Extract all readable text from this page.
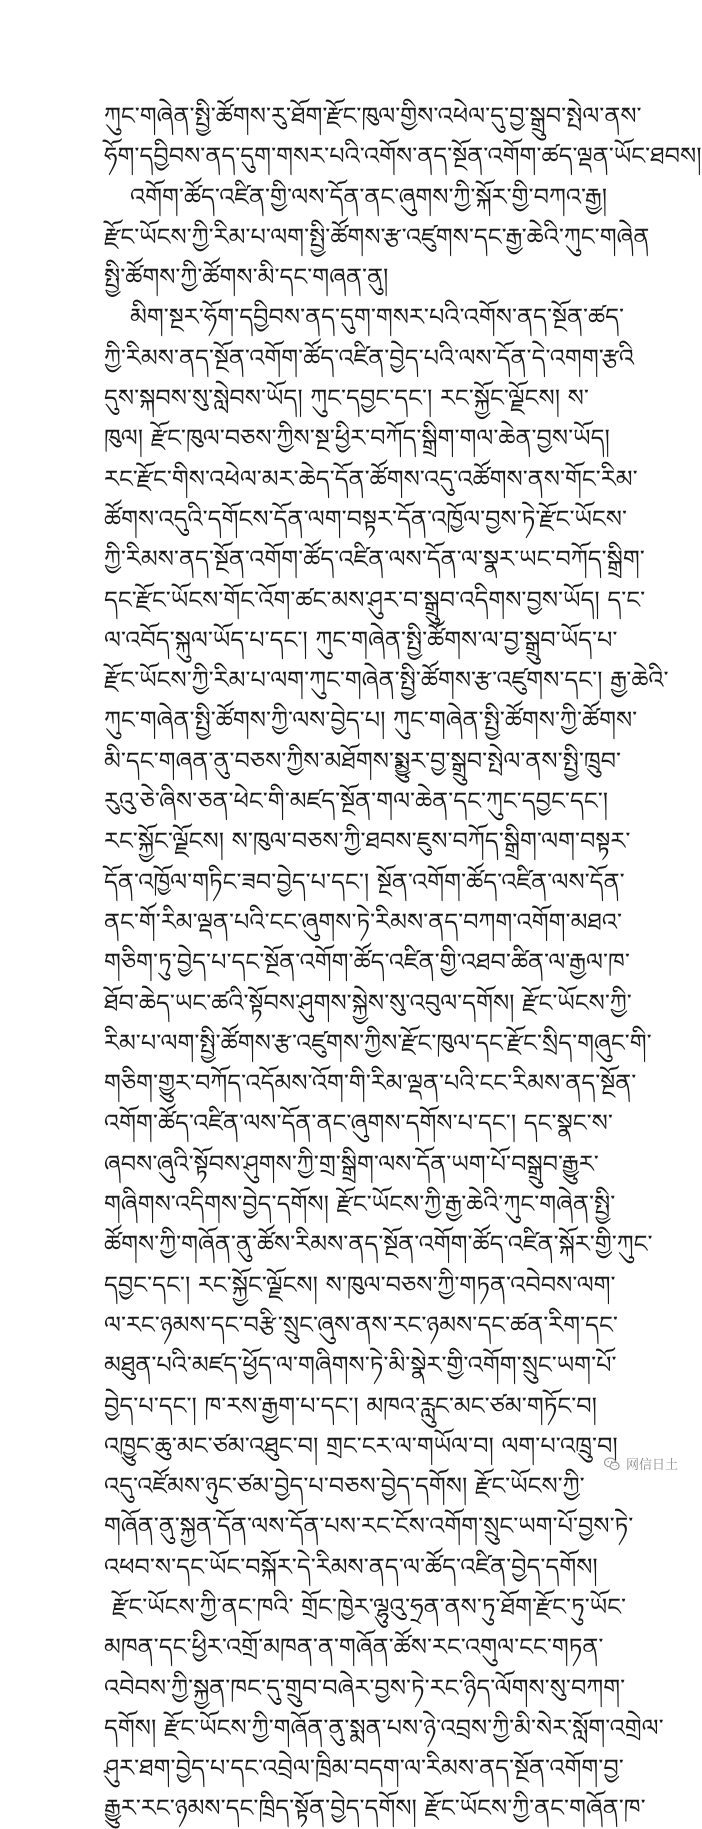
ཀུང་གཞེན་སྤྱི་ཚོགས་རུ་ཐོག་རྫོང་ཁུལ་གྱིས་འཕེལ་དུ་བྱ་སྒྲུབ་སྤེལ་ནས་
ཧོག་དབྱིབས་ནད་དུག་གསར་པའི་འགོས་ནད་སྔོན་འགོག་ཚད་ལྡན་ཡོང་ཐབས།
འགོག་ཚོད་འཛིན་གྱི་ལས་དོན་ནང་ཞུགས་ཀྱི་སྐོར་གྱི་བཀའ་རྒྱ།
རྫོང་ཡོངས་ཀྱི་རིམ་པ་ལག་སྤྱི་ཚོགས་རྩ་འཛུགས་དང་རྒྱ་ཆེའི་ཀུང་གཞེན
སྤྱི་ཚོགས་ཀྱི་ཚོགས་མི་དང་གཞན་ནུ།
མིག་སྔར་ཧོག་དབྱིབས་ནད་དུག་གསར་པའི་འགོས་ནད་སྔོན་ཚད་
ཀྱི་རིམས་ནད་སྔོན་འགོག་ཚོད་འཛིན་བྱེད་པའི་ལས་དོན་དེ་འགག་རྩའི
དུས་སྐབས་སུ་སླེབས་ཡོད། ཀུང་དབྱང་དང་། རང་སྐྱོང་ལྗོངས། ས་
ཁུལ། རྫོང་ཁུལ་བཅས་ཀྱིས་སྔ་ཕྱིར་བཀོད་སྒྲིག་གལ་ཆེན་བྱས་ཡོད།
རང་རྫོང་གིས་འཕེལ་མར་ཆེད་དོན་ཚོགས་འདུ་འཚོགས་ནས་གོང་རིམ་
ཚོགས་འདུའི་དགོངས་དོན་ལག་བསྟར་དོན་འཁྱོལ་བྱས་ཏེ་རྫོང་ཡོངས་
ཀྱི་རིམས་ནད་སྔོན་འགོག་ཚོད་འཛིན་ལས་དོན་ལ་སྣར་ཡང་བཀོད་སྒྲིག་
དང་རྫོང་ཡོངས་གོང་འོག་ཚང་མས་ཤུར་བ་སྒྲུབ་འདིགས་བྱས་ཡོད། ད་ང་
ལ་འབོད་སྐུལ་ཡོད་པ་དང་། ཀུང་གཞེན་སྤྱི་ཚོགས་ལ་བྱ་སྒྲུབ་ཡོད་པ་
རྫོང་ཡོངས་ཀྱི་རིམ་པ་ལག་ཀུང་གཞེན་སྤྱི་ཚོགས་རྩ་འཛུགས་དང་། རྒྱ་ཆེའི་
ཀུང་གཞེན་སྤྱི་ཚོགས་ཀྱི་ལས་བྱེད་པ། ཀུང་གཞེན་སྤྱི་ཚོགས་ཀྱི་ཚོགས་
མི་དང་གཞན་ནུ་བཅས་ཀྱིས་མཐོགས་སྨྱུར་བྱ་སྒྲུབ་སྤེལ་ནས་སྤྱི་ཁྲུབ་
རུའུ་ཅེ་ཞིས་ཅན་ཕེང་གི་མཛད་སྔོན་གལ་ཆེན་དང་ཀུང་དབྱང་དང་།
རང་སྐྱོང་ལྗོངས། ས་ཁུལ་བཅས་ཀྱི་ཐབས་ཇུས་བཀོད་སྒྲིག་ལག་བསྟར་
དོན་འཁྱོལ་གཏིང་ཟབ་བྱེད་པ་དང་། སྔོན་འགོག་ཚོད་འཛིན་ལས་དོན་
ནང་གོ་རིམ་ལྡན་པའི་ངང་ཞུགས་ཏེ་རིམས་ནད་བཀག་འགོག་མཐའ་
གཅིག་ཏུ་བྱེད་པ་དང་སྔོན་འགོག་ཚོད་འཛིན་གྱི་འཐབ་ཚིན་ལ་རྒྱལ་ཁ་
ཐོབ་ཆེད་ཡང་ཚའི་སྟོབས་ཤུགས་སྐྱེས་སུ་འབུལ་དགོས། རྫོང་ཡོངས་ཀྱི་
རིམ་པ་ལག་སྤྱི་ཚོགས་རྩ་འཛུགས་ཀྱིས་རྫོང་ཁུལ་དང་རྫོང་སྲིད་གཞུང་གི་
གཅིག་གྱུར་བཀོད་འདོམས་འོག་གི་རིམ་ལྡན་པའི་ངང་རིམས་ནད་སྔོན་
འགོག་ཚོད་འཛིན་ལས་དོན་ནང་ཞུགས་དགོས་པ་དང་། དང་སྣང་ས་
ཞབས་ཞུའི་སྟོབས་ཤུགས་ཀྱི་གྲ་སྒྲིག་ལས་དོན་ཡག་པོ་བསྒྲུབ་རྒྱུར་
གཞིགས་འདིགས་བྱེད་དགོས། རྫོང་ཡོངས་ཀྱི་རྒྱ་ཆེའི་ཀུང་གཞེན་སྤྱི་
ཚོགས་ཀྱི་གཞོན་ནུ་ཚོས་རིམས་ནད་སྔོན་འགོག་ཚོད་འཛིན་སྐོར་གྱི་ཀུང་
དབྱང་དང་། རང་སྐྱོང་ལྗོངས། ས་ཁུལ་བཅས་ཀྱི་གཏན་འབེབས་ལག་
ལ་རང་ཉམས་དང་བརྩི་སྲུང་ཞུས་ནས་རང་ཉམས་དང་ཚན་རིག་དང་
མཐུན་པའི་མཛད་ཕྱོད་ལ་གཞིགས་ཏེ་མི་སྣེར་གྱི་འགོག་སྲུང་ཡག་པོ་
བྱེད་པ་དང་། ཁ་རས་རྒྱག་པ་དང་། མཁའ་རླུང་མང་ཙམ་གཏོང་བ།
འཁྱུང་ཆུ་མང་ཙམ་འཐུང་བ། གྲང་ངར་ལ་གཡོལ་བ། ལག་པ་འཁྲུ་བ།
འདུ་འཛོམས་ཉུང་ཙམ་བྱེད་པ་བཅས་བྱེད་དགོས། རྫོང་ཡོངས་ཀྱི་
གཞོན་ནུ་སྐྱན་དོན་ལས་དོན་པས་རང་ངོས་འགོག་སྲུང་ཡག་པོ་བྱས་ཏེ་
འཕབ་ས་དང་ཡོང་བསྐོར་དེ་རིམས་ནད་ལ་ཚོད་འཛིན་བྱེད་དགོས།
རྫོང་ཡོངས་ཀྱི་ནང་ཁའི་ གྲོང་ཁྱེར་ལྷུའུ་ཧྲན་ནས་ཏུ་ཐོག་རྫོང་ཏུ་ཡོང་
མཁན་དང་ཕྱིར་འགྲོ་མཁན་ན་གཞོན་ཚོས་རང་འགུལ་ངང་གཏན་
འབེབས་ཀྱི་སྐྱན་ཁང་དུ་གྲུབ་བཞེར་བྱས་ཏེ་རང་ཉིད་ལོགས་སུ་བཀག་
དགོས། རྫོང་ཡོངས་ཀྱི་གཞོན་ནུ་སྨན་པས་ཉེ་འབྲས་ཀྱི་མི་སེར་སློག་འགྲེལ་
ཤུར་ཐག་བྱེད་པ་དང་འབྲེལ་ཁྲིམ་བདག་ལ་རིམས་ནད་སྔོན་འགོག་བྱ་
རྒྱུར་རང་ཉམས་དང་ཁྲིད་སྟོན་བྱེད་དགོས། རྫོང་ཡོངས་ཀྱི་ནང་གཞོན་ཁ་
网信日土
